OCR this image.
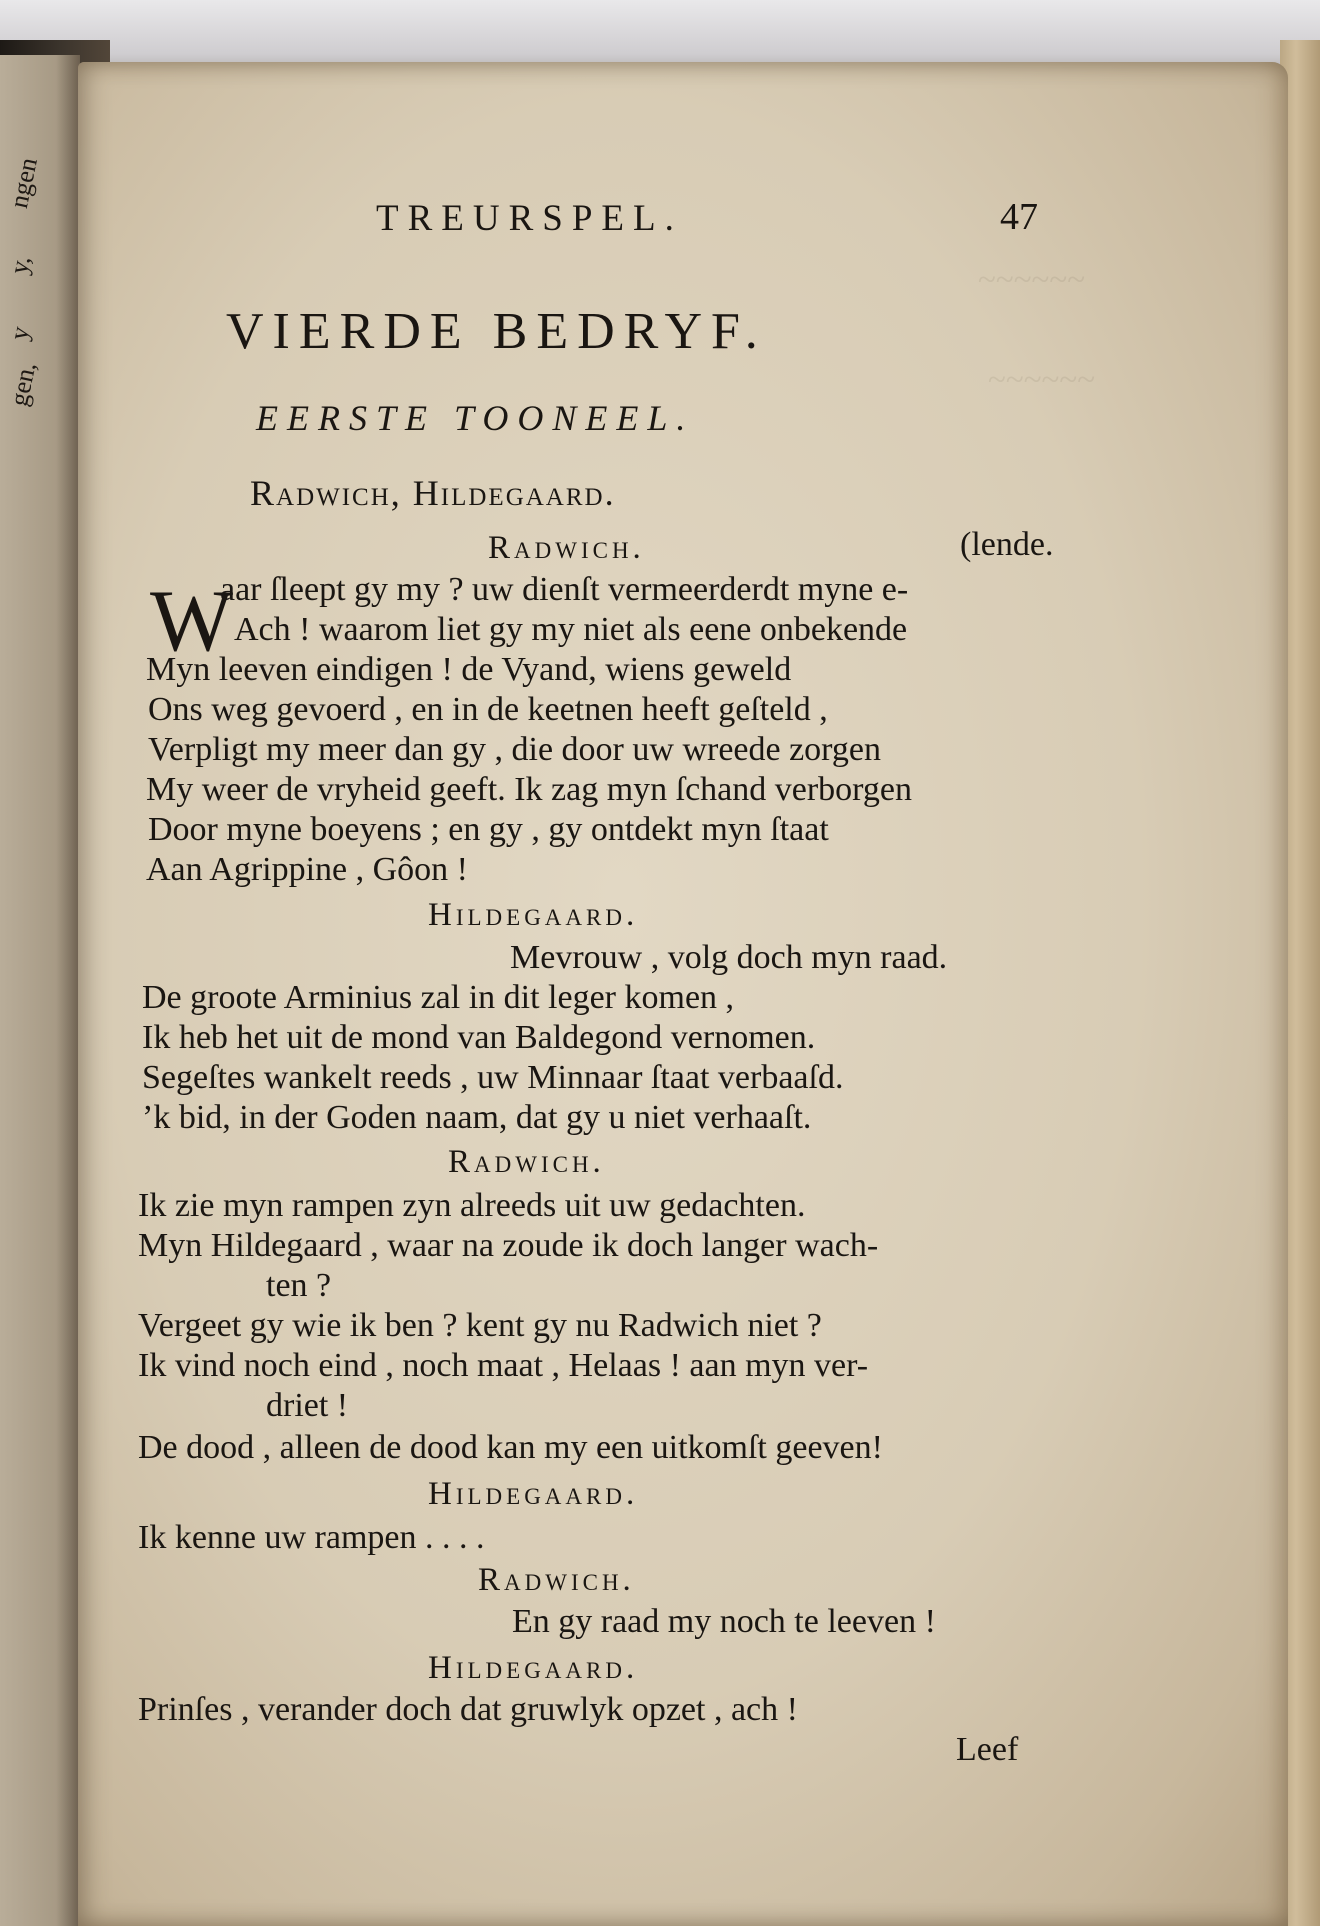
ngen
y,
y
gen,
~~~~~~
~~~~~~
TREURSPEL.	47
VIERDE BEDRYF.
EERSTE TOONEEL.
Radwich, Hildegaard.
Radwich.	(lende.
W
aar ſleept gy my ? uw dienſt vermeerderdt myne e-
Ach ! waarom liet gy my niet als eene onbekende
Myn leeven eindigen ! de Vyand, wiens geweld
Ons weg gevoerd , en in de keetnen heeft geſteld ,
Verpligt my meer dan gy , die door uw wreede zorgen
My weer de vryheid geeft. Ik zag myn ſchand verborgen
Door myne boeyens ; en gy , gy ontdekt myn ſtaat
Aan Agrippine , Gôon !
Hildegaard.
Mevrouw , volg doch myn raad.
De groote Arminius zal in dit leger komen ,
Ik heb het uit de mond van Baldegond vernomen.
Segeſtes wankelt reeds , uw Minnaar ſtaat verbaaſd.
’k bid, in der Goden naam, dat gy u niet verhaaſt.
Radwich.
Ik zie myn rampen zyn alreeds uit uw gedachten.
Myn Hildegaard , waar na zoude ik doch langer wach-
ten ?
Vergeet gy wie ik ben ? kent gy nu Radwich niet ?
Ik vind noch eind , noch maat , Helaas ! aan myn ver-
driet !
De dood , alleen de dood kan my een uitkomſt geeven!
Hildegaard.
Ik kenne uw rampen . . . .
Radwich.
En gy raad my noch te leeven !
Hildegaard.
Prinſes , verander doch dat gruwlyk opzet , ach !
Leef
